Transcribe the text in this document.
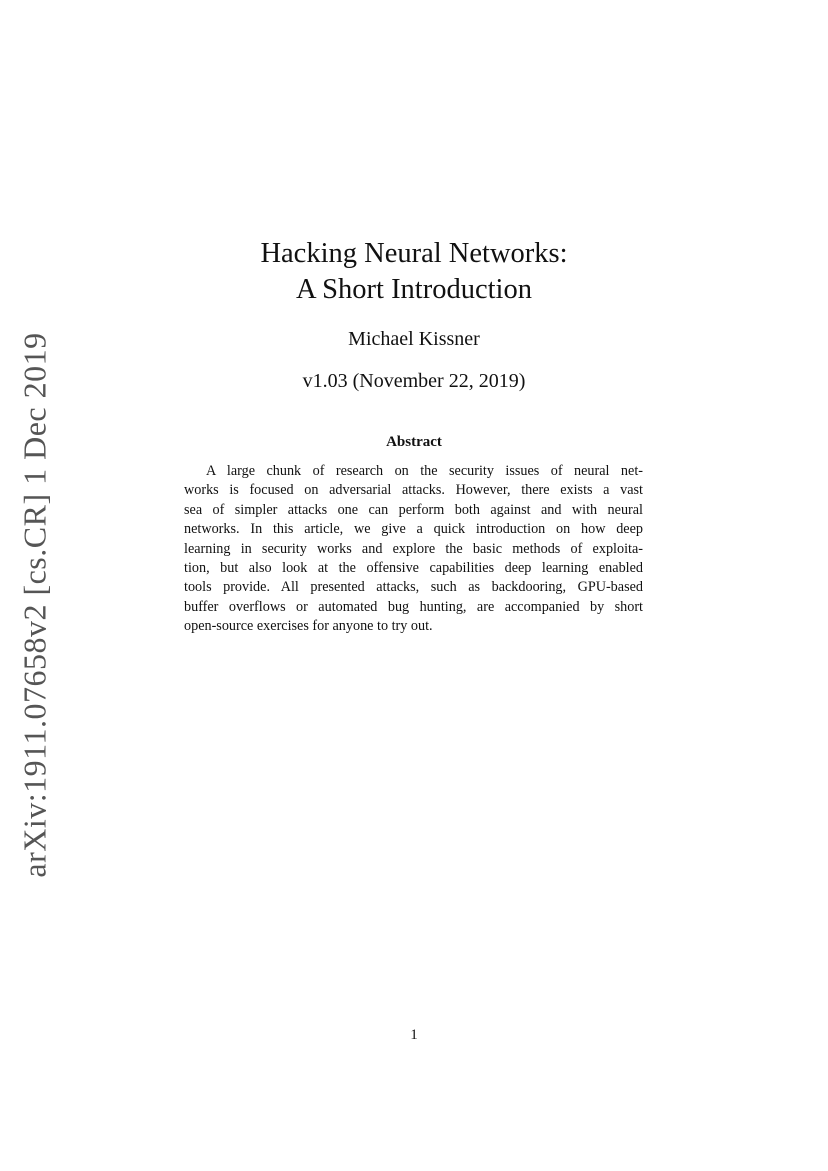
arXiv:1911.07658v2 [cs.CR] 1 Dec 2019
Hacking Neural Networks:
A Short Introduction
Michael Kissner
v1.03 (November 22, 2019)
Abstract
A large chunk of research on the security issues of neural net-
works is focused on adversarial attacks. However, there exists a vast
sea of simpler attacks one can perform both against and with neural
networks. In this article, we give a quick introduction on how deep
learning in security works and explore the basic methods of exploita-
tion, but also look at the offensive capabilities deep learning enabled
tools provide. All presented attacks, such as backdooring, GPU-based
buffer overflows or automated bug hunting, are accompanied by short
open-source exercises for anyone to try out.
1
